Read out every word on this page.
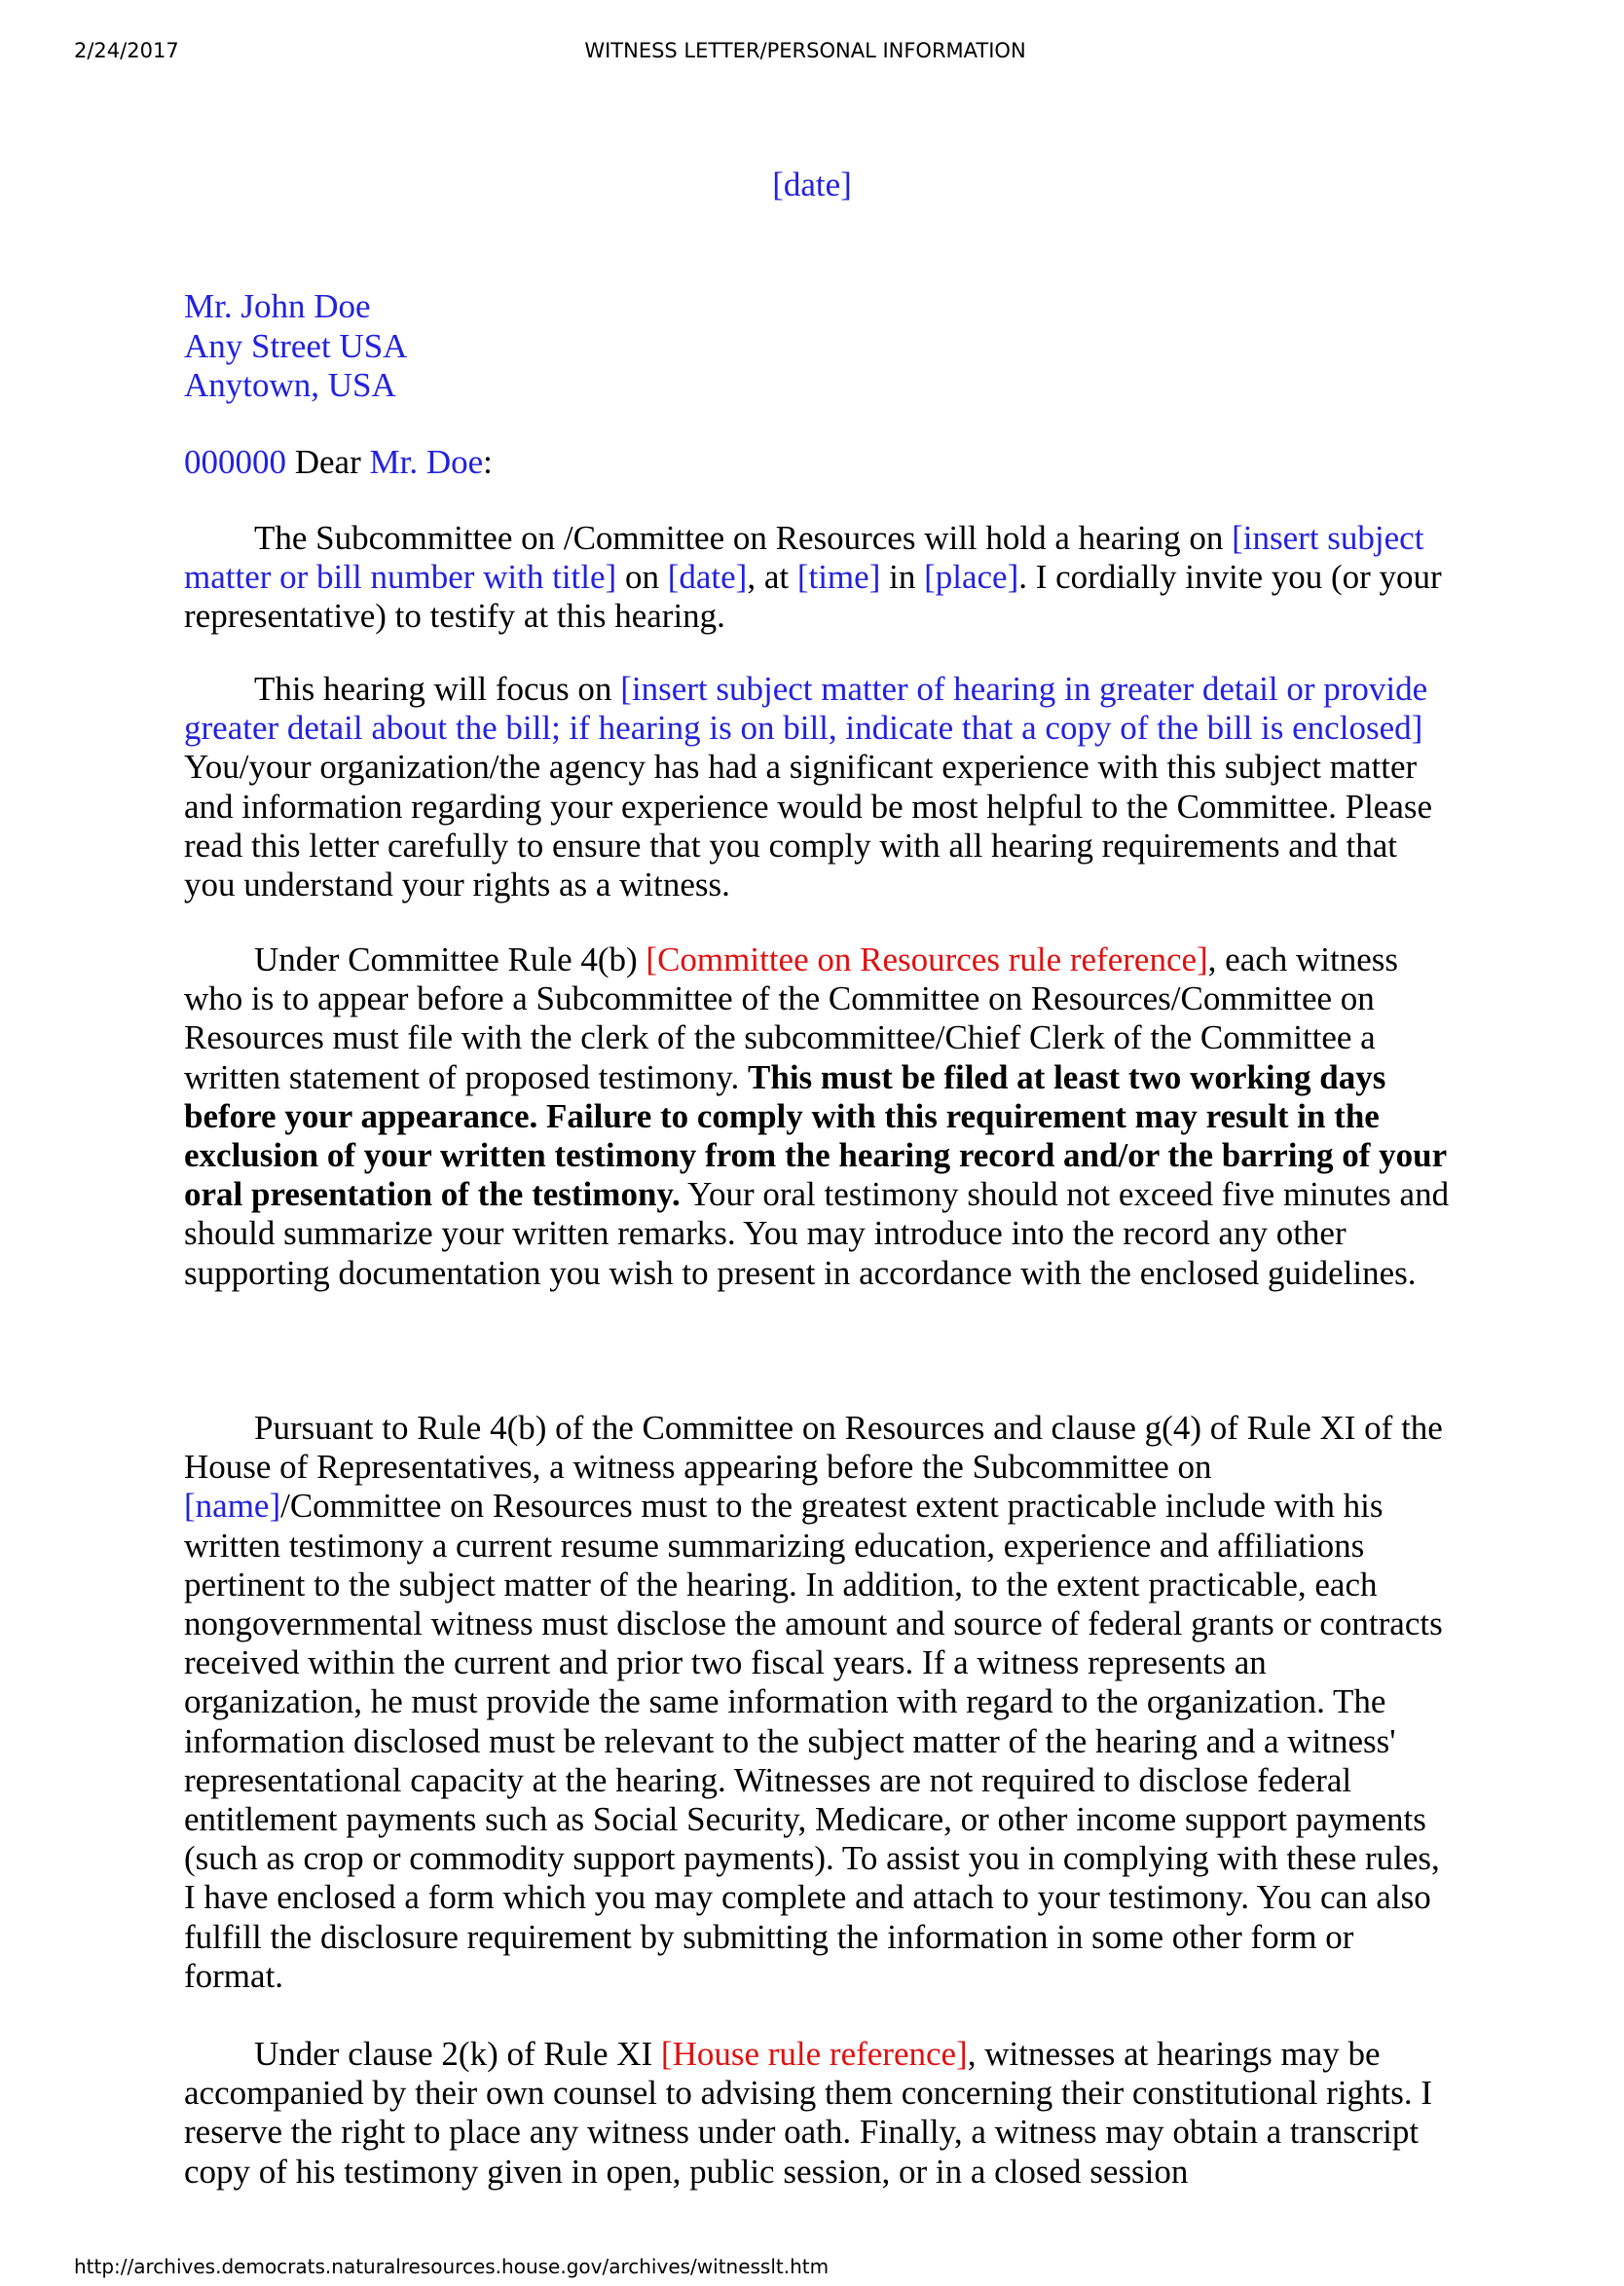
2/24/2017	WITNESS LETTER/PERSONAL INFORMATION
[date]
Mr. John Doe
Any Street USA
Anytown, USA
000000 Dear Mr. Doe:

The Subcommittee on /Committee on Resources will hold a hearing on [insert subject matter or bill number with title] on [date], at [time] in [place]. I cordially invite you (or your representative) to testify at this hearing.

This hearing will focus on [insert subject matter of hearing in greater detail or provide greater detail about the bill; if hearing is on bill, indicate that a copy of the bill is enclosed] You/your organization/the agency has had a significant experience with this subject matter and information regarding your experience would be most helpful to the Committee. Please read this letter carefully to ensure that you comply with all hearing requirements and that you understand your rights as a witness.

Under Committee Rule 4(b) [Committee on Resources rule reference], each witness who is to appear before a Subcommittee of the Committee on Resources/Committee on Resources must file with the clerk of the subcommittee/Chief Clerk of the Committee a written statement of proposed testimony. This must be filed at least two working days before your appearance. Failure to comply with this requirement may result in the exclusion of your written testimony from the hearing record and/or the barring of your oral presentation of the testimony. Your oral testimony should not exceed five minutes and should summarize your written remarks. You may introduce into the record any other supporting documentation you wish to present in accordance with the enclosed guidelines.

Pursuant to Rule 4(b) of the Committee on Resources and clause g(4) of Rule XI of the House of Representatives, a witness appearing before the Subcommittee on [name]/Committee on Resources must to the greatest extent practicable include with his written testimony a current resume summarizing education, experience and affiliations pertinent to the subject matter of the hearing. In addition, to the extent practicable, each nongovernmental witness must disclose the amount and source of federal grants or contracts received within the current and prior two fiscal years. If a witness represents an organization, he must provide the same information with regard to the organization. The information disclosed must be relevant to the subject matter of the hearing and a witness' representational capacity at the hearing. Witnesses are not required to disclose federal entitlement payments such as Social Security, Medicare, or other income support payments (such as crop or commodity support payments). To assist you in complying with these rules, I have enclosed a form which you may complete and attach to your testimony. You can also fulfill the disclosure requirement by submitting the information in some other form or format.

Under clause 2(k) of Rule XI [House rule reference], witnesses at hearings may be accompanied by their own counsel to advising them concerning their constitutional rights. I reserve the right to place any witness under oath. Finally, a witness may obtain a transcript copy of his testimony given in open, public session, or in a closed session

http://archives.democrats.naturalresources.house.gov/archives/witnesslt.htm
